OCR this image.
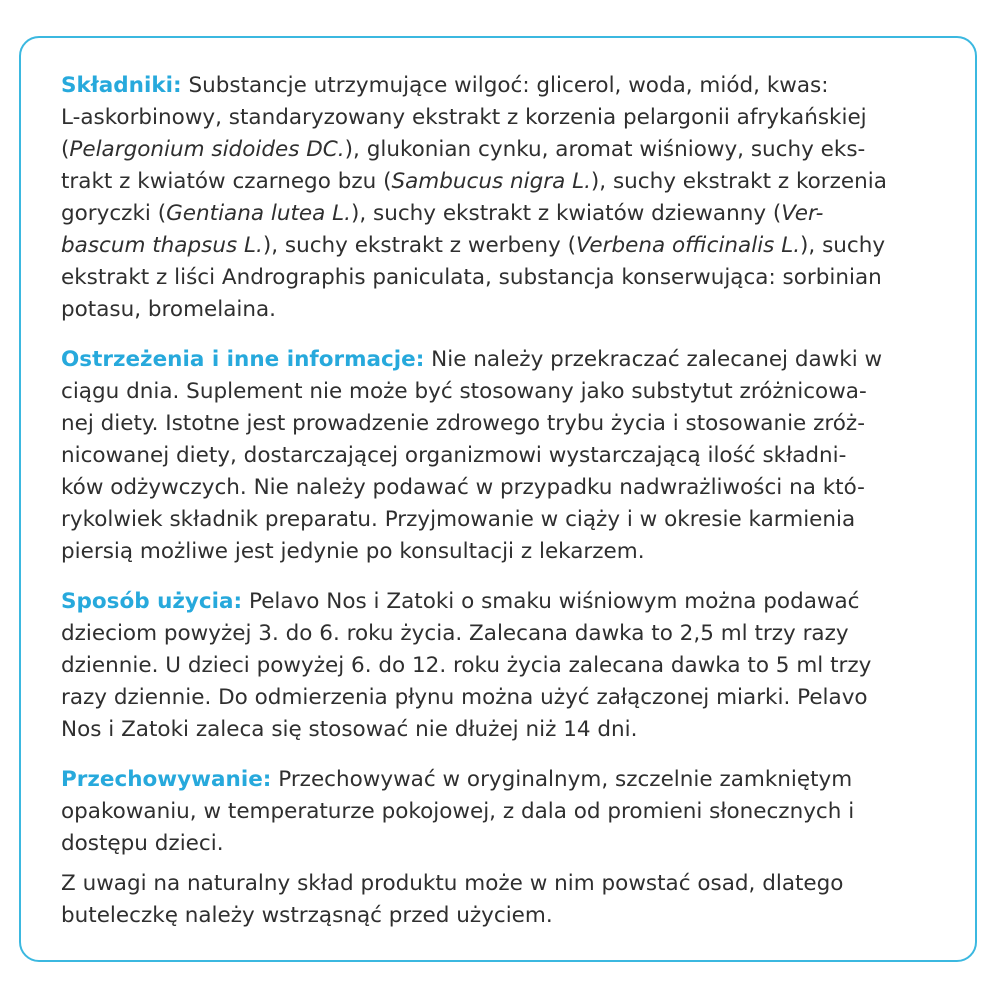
Składniki: Substancje utrzymujące wilgoć: glicerol, woda, miód, kwas:
L-askorbinowy, standaryzowany ekstrakt z korzenia pelargonii afrykańskiej
(Pelargonium sidoides DC.), glukonian cynku, aromat wiśniowy, suchy eks-
trakt z kwiatów czarnego bzu (Sambucus nigra L.), suchy ekstrakt z korzenia
goryczki (Gentiana lutea L.), suchy ekstrakt z kwiatów dziewanny (Ver-
bascum thapsus L.), suchy ekstrakt z werbeny (Verbena officinalis L.), suchy
ekstrakt z liści Andrographis paniculata, substancja konserwująca: sorbinian
potasu, bromelaina.

Ostrzeżenia i inne informacje: Nie należy przekraczać zalecanej dawki w
ciągu dnia. Suplement nie może być stosowany jako substytut zróżnicowa-
nej diety. Istotne jest prowadzenie zdrowego trybu życia i stosowanie zróż-
nicowanej diety, dostarczającej organizmowi wystarczającą ilość składni-
ków odżywczych. Nie należy podawać w przypadku nadwrażliwości na któ-
rykolwiek składnik preparatu. Przyjmowanie w ciąży i w okresie karmienia
piersią możliwe jest jedynie po konsultacji z lekarzem.

Sposób użycia: Pelavo Nos i Zatoki o smaku wiśniowym można podawać
dzieciom powyżej 3. do 6. roku życia. Zalecana dawka to 2,5 ml trzy razy
dziennie. U dzieci powyżej 6. do 12. roku życia zalecana dawka to 5 ml trzy
razy dziennie. Do odmierzenia płynu można użyć załączonej miarki. Pelavo
Nos i Zatoki zaleca się stosować nie dłużej niż 14 dni.

Przechowywanie: Przechowywać w oryginalnym, szczelnie zamkniętym
opakowaniu, w temperaturze pokojowej, z dala od promieni słonecznych i
dostępu dzieci.

Z uwagi na naturalny skład produktu może w nim powstać osad, dlatego
buteleczkę należy wstrząsnąć przed użyciem.
